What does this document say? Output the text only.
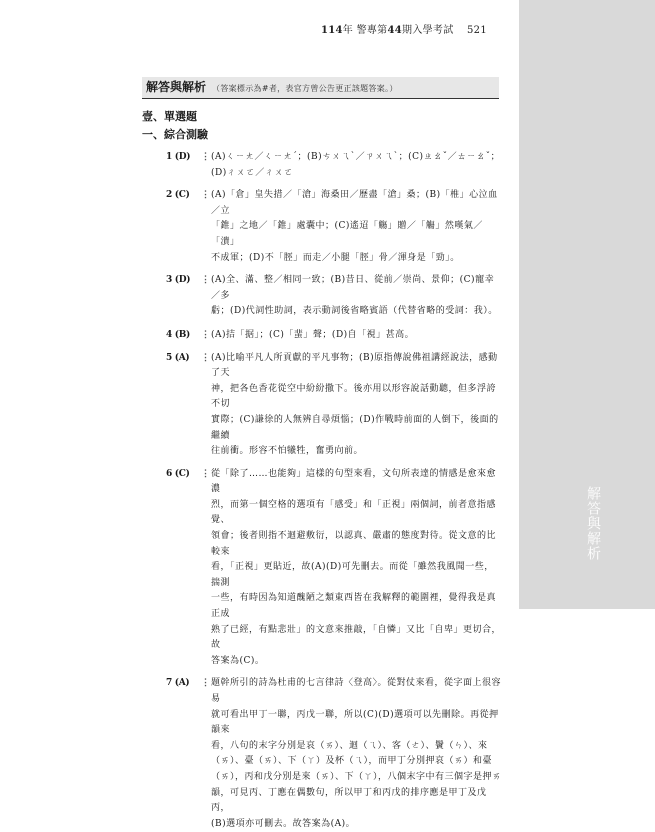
114年 警專第44期入學考試 521
解答與解析
解答與解析 （答案標示為#者，表官方曾公告更正該題答案。）
壹、單選題
一、綜合測驗
1 (D)	⋮ (A)ㄑㄧㄤ／ㄑㄧㄤˊ；(B)ㄘㄨㄟˋ／ㄗㄨㄟˋ；(C)ㄓㄠˇ／ㄊㄧㄠˇ；
(D)ㄔㄨㄛ／ㄔㄨㄛ
2 (C)	⋮ (A)「倉」皇失措／「滄」海桑田／歷盡「滄」桑；(B)「椎」心泣血／立
「錐」之地／「錐」處囊中；(C)遙迢「觴」贈／「觴」然嘆氣／「潰」
不成軍；(D)不「脛」而走／小腿「脛」骨／渾身是「勁」。
3 (D)	⋮ (A)全、滿、整／相同一致；(B)昔日、從前／崇尚、景仰；(C)寵幸／多
虧；(D)代詞性助詞，表示動詞後省略賓語（代替省略的受詞：我）。
4 (B)	⋮ (A)拮「据」；(C)「蜚」聲；(D)自「視」甚高。
5 (A)	⋮ (A)比喻平凡人所貢獻的平凡事物；(B)原指傳說佛祖講經說法，感動了天
神，把各色香花從空中紛紛撒下。後亦用以形容說話動聽，但多浮誇不切
實際；(C)謙徐的人無辨自尋煩惱；(D)作戰時前面的人倒下，後面的繼續
往前衝。形容不怕犧牲，奮勇向前。
6 (C)	⋮ 從「除了……也能夠」這樣的句型來看，文句所表達的情感是愈來愈濃
烈，而第一個空格的選項有「感受」和「正視」兩個詞，前者意指感覺、
領會；後者則指不迴避敷衍，以認真、嚴肅的態度對待。從文意的比較來
看，「正視」更貼近，故(A)(D)可先刪去。而從「雖然我風聞一些，揣測
一些，有時因為知道醜陋之類東西皆在我解釋的範圍裡，覺得我是真正成
熟了已經，有點悲壯」的文意來推敲，「自憐」又比「自卑」更切合，故
答案為(C)。
7 (A)	⋮ 題幹所引的詩為杜甫的七言律詩〈登高〉。從對仗來看，從字面上很容易
就可看出甲丁一聯，丙戊一聯，所以(C)(D)選項可以先刪除。再從押韻來
看，八句的末字分別是哀（ㄞ）、迴（ㄟ）、客（ㄜ）、鬢（ㄣ）、來
（ㄞ）、臺（ㄞ）、下（ㄚ）及杯（ㄟ），而甲丁分別押哀（ㄞ）和臺
（ㄞ），丙和戊分別是來（ㄞ）、下（ㄚ），八個末字中有三個字是押ㄞ
韻，可見丙、丁應在偶數句，所以甲丁和丙戊的排序應是甲丁及戊丙，
(B)選項亦可刪去。故答案為(A)。
